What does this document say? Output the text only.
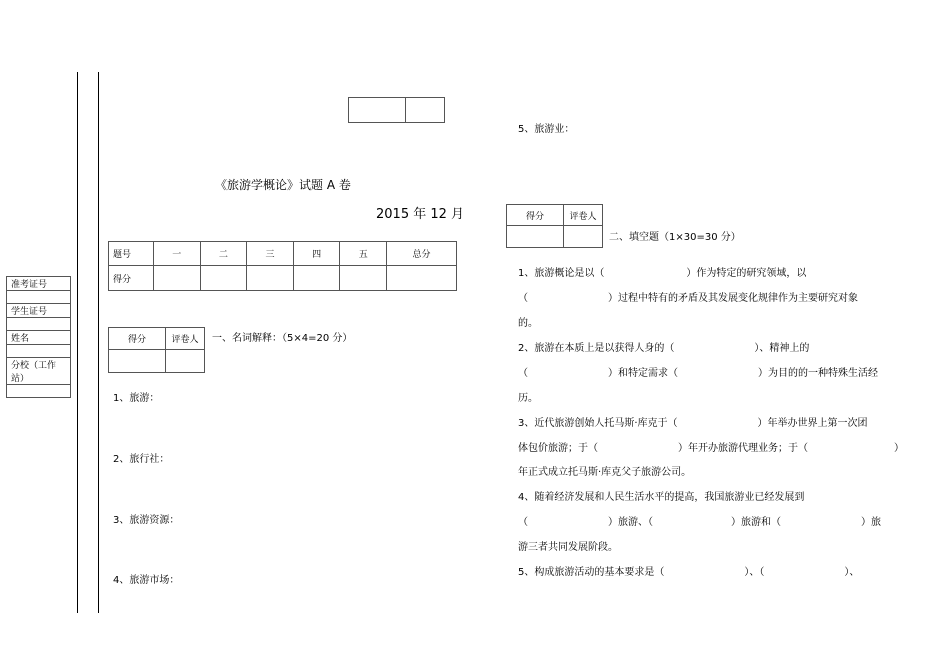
准考证号

学生证号

姓名

分校（工作站）

《旅游学概论》试题 A 卷
2015 年 12 月
题号	一	二	三	四	五	总分
得分						
得分	评卷人
	一、名词解释：（5×4=20 分）
1、旅游：
2、旅行社：
3、旅游资源：
4、旅游市场：
5、旅游业：
得分	评卷人

二、填空题（1×30=30 分）
1、旅游概论是以（	）作为特定的研究领域，以
（	）过程中特有的矛盾及其发展变化规律作为主要研究对象
的。
2、旅游在本质上是以获得人身的（	）、精神上的
（	）和特定需求（	）为目的的一种特殊生活经
历。
3、近代旅游创始人托马斯·库克于（	）年举办世界上第一次团
体包价旅游；于（	）年开办旅游代理业务；于（	）
年正式成立托马斯·库克父子旅游公司。
4、随着经济发展和人民生活水平的提高，我国旅游业已经发展到
（	）旅游、（	）旅游和（	）旅
游三者共同发展阶段。
5、构成旅游活动的基本要求是（	）、（	）、
